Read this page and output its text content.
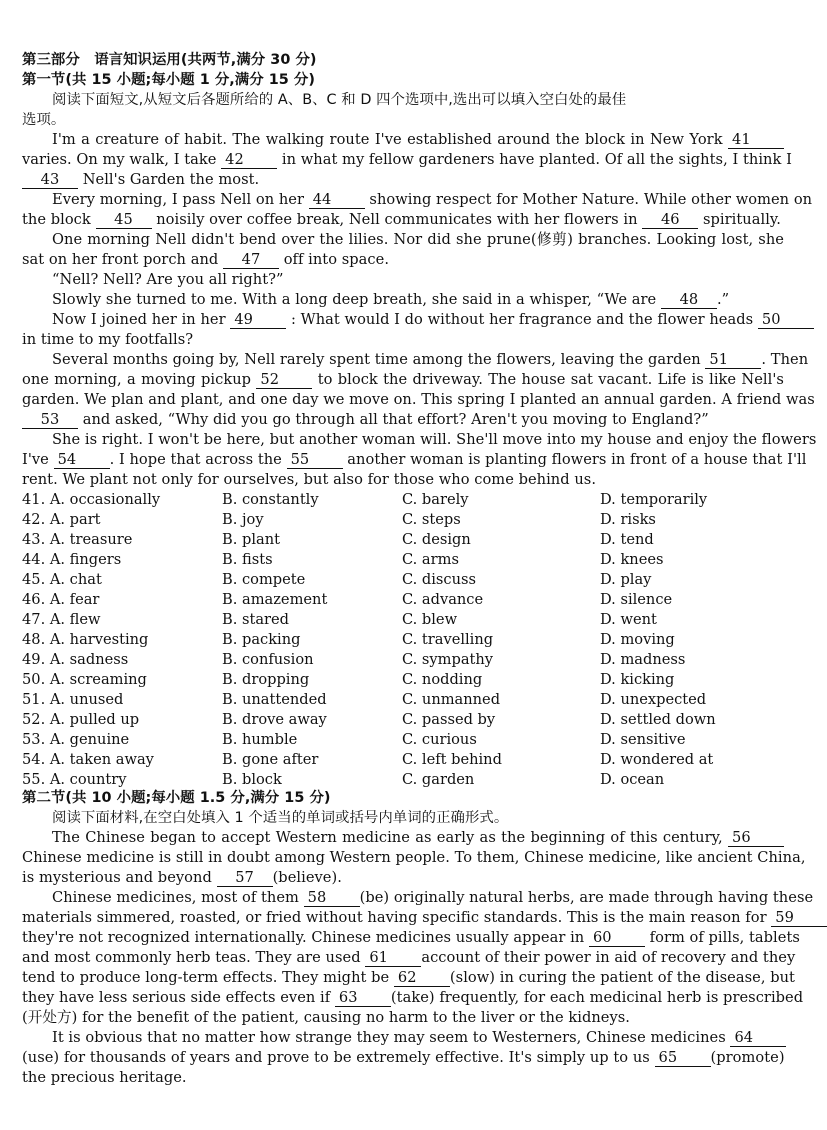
第三部分　语言知识运用(共两节,满分 30 分)
第一节(共 15 小题;每小题 1 分,满分 15 分)
阅读下面短文,从短文后各题所给的 A、B、C 和 D 四个选项中,选出可以填入空白处的最佳
选项。
I'm a creature of habit. The walking route I've established around the block in New York 41
varies. On my walk, I take 42	in what my fellow gardeners have planted. Of all the sights, I think I
43 Nell's Garden the most.
Every morning, I pass Nell on her 44	showing respect for Mother Nature. While other women on
the block 45 noisily over coffee break, Nell communicates with her flowers in 46 spiritually.
One morning Nell didn't bend over the lilies. Nor did she prune(修剪) branches. Looking lost, she
sat on her front porch and 47 off into space.
“Nell? Nell? Are you all right?”
Slowly she turned to me. With a long deep breath, she said in a whisper, “We are 48 .”
Now I joined her in her 49	: What would I do without her fragrance and the flower heads 50
in time to my footfalls?
Several months going by, Nell rarely spent time among the flowers, leaving the garden 51 . Then
one morning, a moving pickup 52	to block the driveway. The house sat vacant. Life is like Nell's
garden. We plan and plant, and one day we move on. This spring I planted an annual garden. A friend was
53 and asked, “Why did you go through all that effort? Aren't you moving to England?”
She is right. I won't be here, but another woman will. She'll move into my house and enjoy the flowers
I've 54 . I hope that across the 55	another woman is planting flowers in front of a house that I'll
rent. We plant not only for ourselves, but also for those who come behind us.
41. A. occasionally	B. constantly	C. barely	D. temporarily
42. A. part	B. joy	C. steps	D. risks
43. A. treasure	B. plant	C. design	D. tend
44. A. fingers	B. fists	C. arms	D. knees
45. A. chat	B. compete	C. discuss	D. play
46. A. fear	B. amazement	C. advance	D. silence
47. A. flew	B. stared	C. blew	D. went
48. A. harvesting	B. packing	C. travelling	D. moving
49. A. sadness	B. confusion	C. sympathy	D. madness
50. A. screaming	B. dropping	C. nodding	D. kicking
51. A. unused	B. unattended	C. unmanned	D. unexpected
52. A. pulled up	B. drove away	C. passed by	D. settled down
53. A. genuine	B. humble	C. curious	D. sensitive
54. A. taken away	B. gone after	C. left behind	D. wondered at
55. A. country	B. block	C. garden	D. ocean
第二节(共 10 小题;每小题 1.5 分,满分 15 分)
阅读下面材料,在空白处填入 1 个适当的单词或括号内单词的正确形式。
The Chinese began to accept Western medicine as early as the beginning of this century, 56
Chinese medicine is still in doubt among Western people. To them, Chinese medicine, like ancient China,
is mysterious and beyond 57 (believe).
Chinese medicines, most of them 58 (be) originally natural herbs, are made through having these
materials simmered, roasted, or fried without having specific standards. This is the main reason for 59
they're not recognized internationally. Chinese medicines usually appear in 60	form of pills, tablets
and most commonly herb teas. They are used 61 account of their power in aid of recovery and they
tend to produce long-term effects. They might be 62 (slow) in curing the patient of the disease, but
they have less serious side effects even if 63 (take) frequently, for each medicinal herb is prescribed
(开处方) for the benefit of the patient, causing no harm to the liver or the kidneys.
It is obvious that no matter how strange they may seem to Westerners, Chinese medicines 64
(use) for thousands of years and prove to be extremely effective. It's simply up to us 65 (promote)
the precious heritage.
